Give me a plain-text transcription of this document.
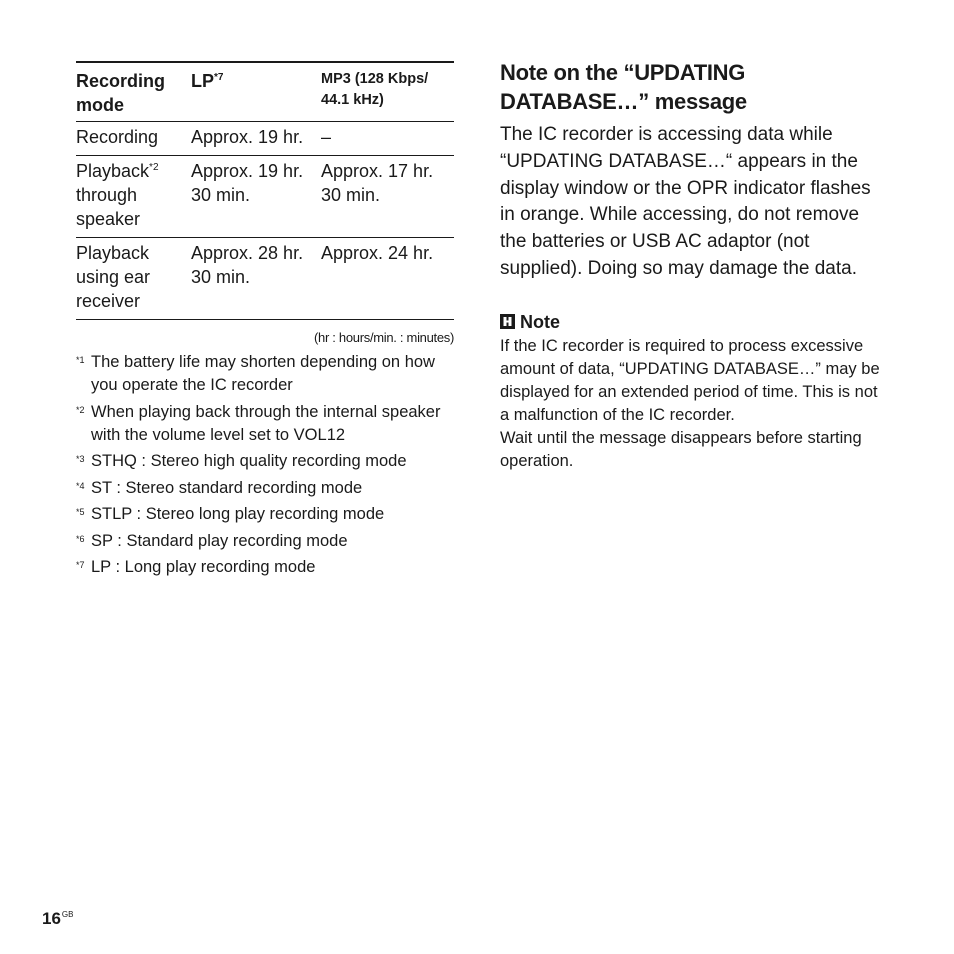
Recording mode	LP$^{*7}$	MP3 (128 Kbps/ 44.1 kHz)
Recording	Approx. 19 hr.	–
Playback$^{*2}$ through speaker	Approx. 19 hr. 30 min.	Approx. 17 hr. 30 min.
Playback using ear receiver	Approx. 28 hr. 30 min.	Approx. 24 hr.
(hr : hours/min. : minutes)
*1 The battery life may shorten depending on how you operate the IC recorder
*2 When playing back through the internal speaker with the volume level set to VOL12
*3 STHQ : Stereo high quality recording mode
*4 ST : Stereo standard recording mode
*5 STLP : Stereo long play recording mode
*6 SP : Standard play recording mode
*7 LP : Long play recording mode
Note on the “UPDATING DATABASE…” message

The IC recorder is accessing data while “UPDATING DATABASE…“ appears in the display window or the OPR indicator flashes in orange. While accessing, do not remove the batteries or USB AC adaptor (not supplied). Doing so may damage the data.

Note

If the IC recorder is required to process excessive amount of data, “UPDATING DATABASE…” may be displayed for an extended period of time. This is not a malfunction of the IC recorder.

Wait until the message disappears before starting operation.

$16^{GB}$
